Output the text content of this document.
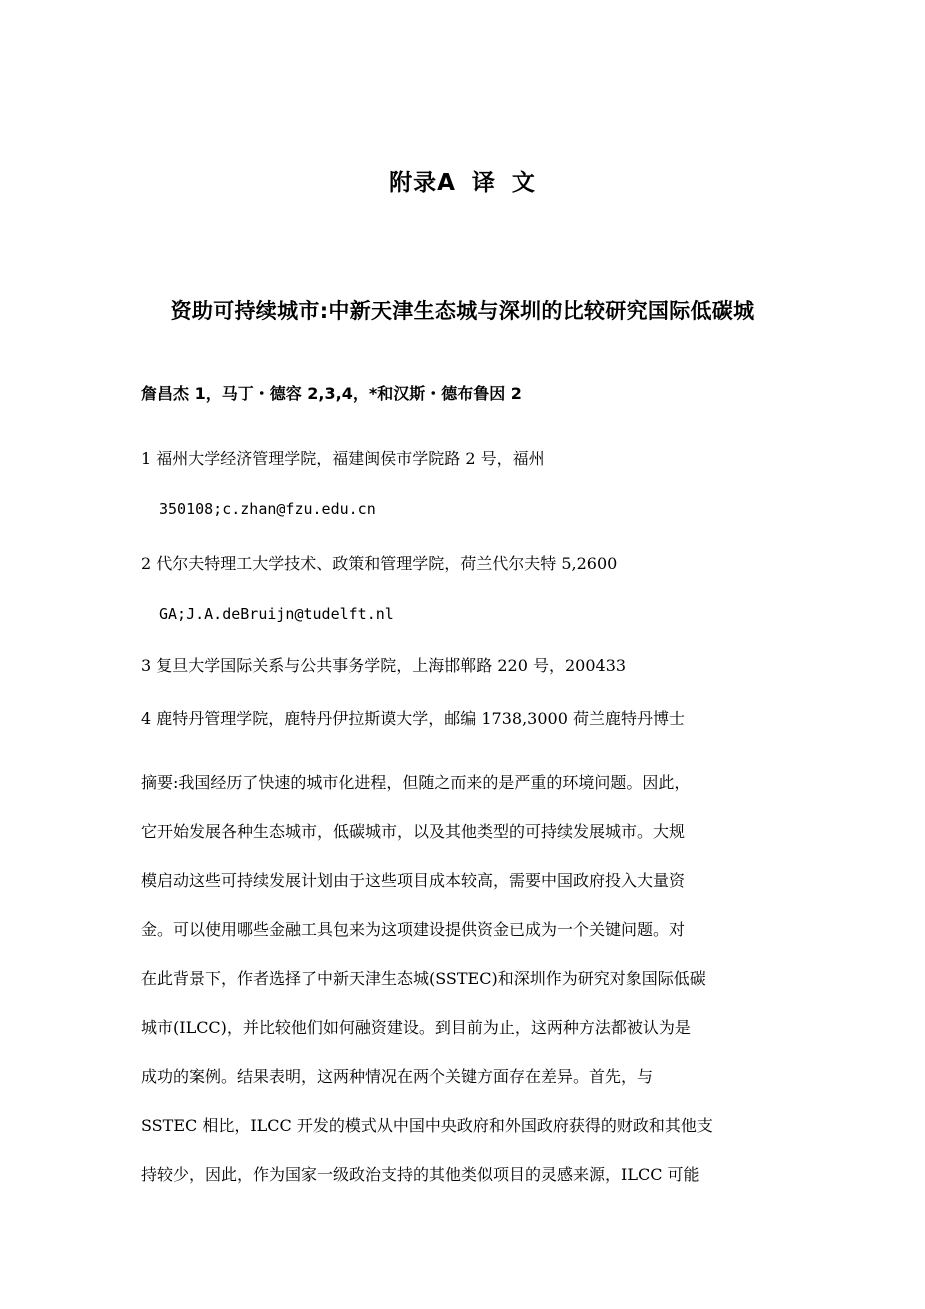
附录A 译 文
资助可持续城市:中新天津生态城与深圳的比较研究国际低碳城
詹昌杰 1，马丁・德容 2,3,4，*和汉斯・德布鲁因 2
1 福州大学经济管理学院，福建闽侯市学院路 2 号，福州
350108;c.zhan@fzu.edu.cn
2 代尔夫特理工大学技术、政策和管理学院，荷兰代尔夫特 5,2600
GA;J.A.deBruijn@tudelft.nl
3 复旦大学国际关系与公共事务学院，上海邯郸路 220 号，200433
4 鹿特丹管理学院，鹿特丹伊拉斯谟大学，邮编 1738,3000 荷兰鹿特丹博士
摘要:我国经历了快速的城市化进程，但随之而来的是严重的环境问题。因此，
它开始发展各种生态城市，低碳城市，以及其他类型的可持续发展城市。大规
模启动这些可持续发展计划由于这些项目成本较高，需要中国政府投入大量资
金。可以使用哪些金融工具包来为这项建设提供资金已成为一个关键问题。对
在此背景下，作者选择了中新天津生态城(SSTEC)和深圳作为研究对象国际低碳
城市(ILCC)，并比较他们如何融资建设。到目前为止，这两种方法都被认为是
成功的案例。结果表明，这两种情况在两个关键方面存在差异。首先，与
SSTEC 相比，ILCC 开发的模式从中国中央政府和外国政府获得的财政和其他支
持较少，因此，作为国家一级政治支持的其他类似项目的灵感来源，ILCC 可能
